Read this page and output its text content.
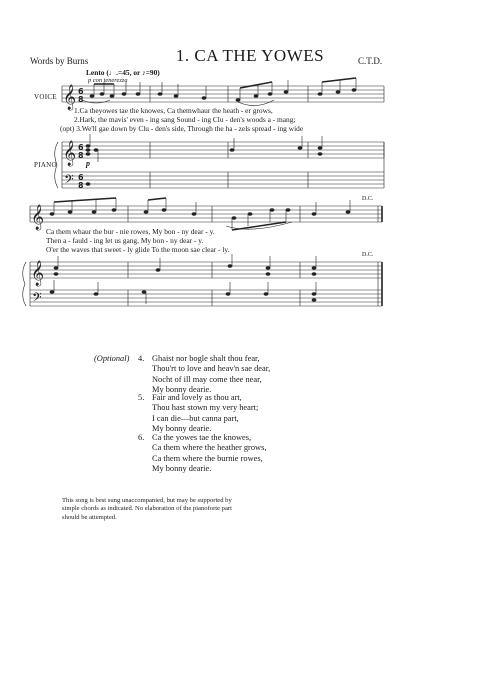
1. CA THE YOWES
Words by Burns	C.T.D.
𝄞
𝄞
𝄢
𝄞
𝄞
𝄢
6
8
6
8
6
8
VOICE
PIANO
Lento (♩.=45, or ♪=90)
p con tenerezza
p
1.Ca theyowes tae the knowes, Ca themwhaur the heath - er grows,
2.Hark, the mavis' even - ing sang Sound - ing Clu - den's woods a - mang;
(opt) 3.We'll gae down by Clu - den's side, Through the ha - zels spread - ing wide
D.C.
D.C.
Ca them whaur the bur - nie rowes, My bon - ny dear - y.
Then a - fauld - ing let us gang, My bon - ny dear - y.
O'er the waves that sweet - ly glide To the moon sae clear - ly.
(Optional) 4. Ghaist nor bogle shalt thou fear,
Thou'rt to love and heav'n sae dear,
Nocht of ill may come thee near,
My bonny dearie.
5. Fair and lovely as thou art,
Thou hast stown my very heart;
I can die—but canna part,
My bonny dearie.
6. Ca the yowes tae the knowes,
Ca them where the heather grows,
Ca them where the burnie rowes,
My bonny dearie.
This song is best sung unaccompanied, but may be supported by
simple chords as indicated. No elaboration of the pianoforte part
should be attempted.
